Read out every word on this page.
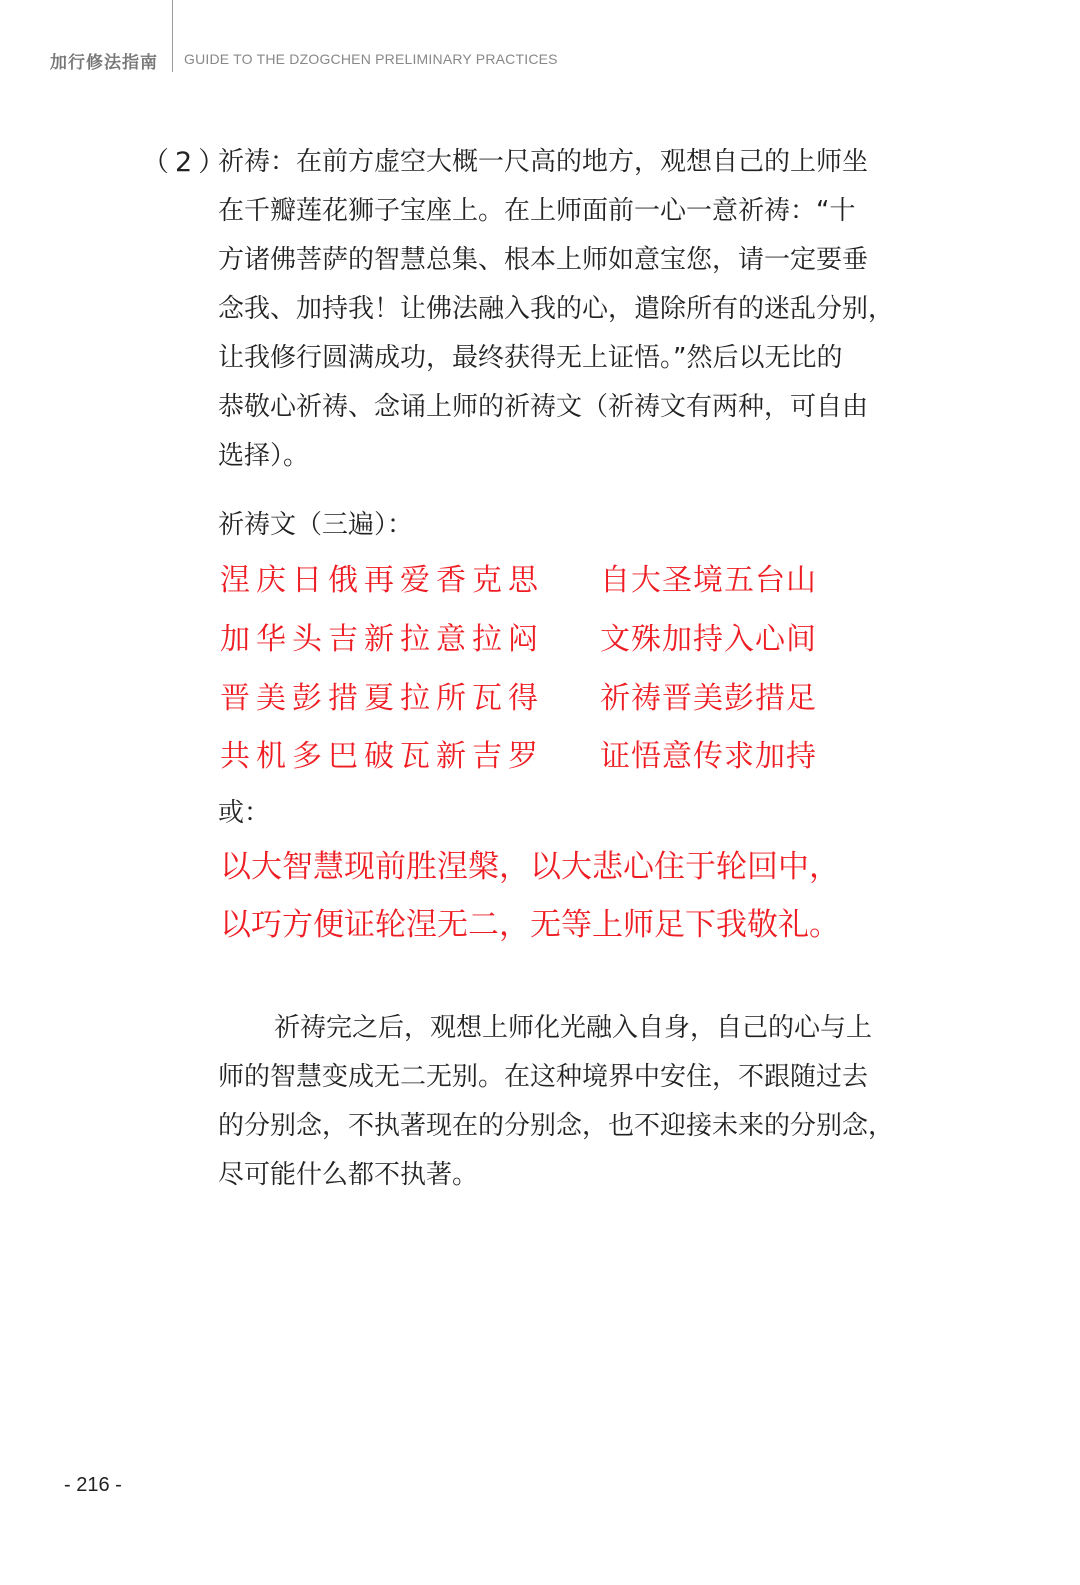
加行修法指南 GUIDE TO THE DZOGCHEN PRELIMINARY PRACTICES
（2）
祈祷：在前方虚空大概一尺高的地方，观想自己的上师坐
在千瓣莲花狮子宝座上。在上师面前一心一意祈祷：“十
方诸佛菩萨的智慧总集、根本上师如意宝您，请一定要垂
念我、加持我！让佛法融入我的心，遣除所有的迷乱分别，
让我修行圆满成功，最终获得无上证悟。”然后以无比的
恭敬心祈祷、念诵上师的祈祷文（祈祷文有两种，可自由
选择）。
祈祷文（三遍）：
涅庆日俄再爱香克思 自大圣境五台山
加华头吉新拉意拉闷 文殊加持入心间
晋美彭措夏拉所瓦得 祈祷晋美彭措足
共机多巴破瓦新吉罗 证悟意传求加持
或：
以大智慧现前胜涅槃，以大悲心住于轮回中，
以巧方便证轮涅无二，无等上师足下我敬礼。
祈祷完之后，观想上师化光融入自身，自己的心与上
师的智慧变成无二无别。在这种境界中安住，不跟随过去
的分别念，不执著现在的分别念，也不迎接未来的分别念，
尽可能什么都不执著。
- 216 -
